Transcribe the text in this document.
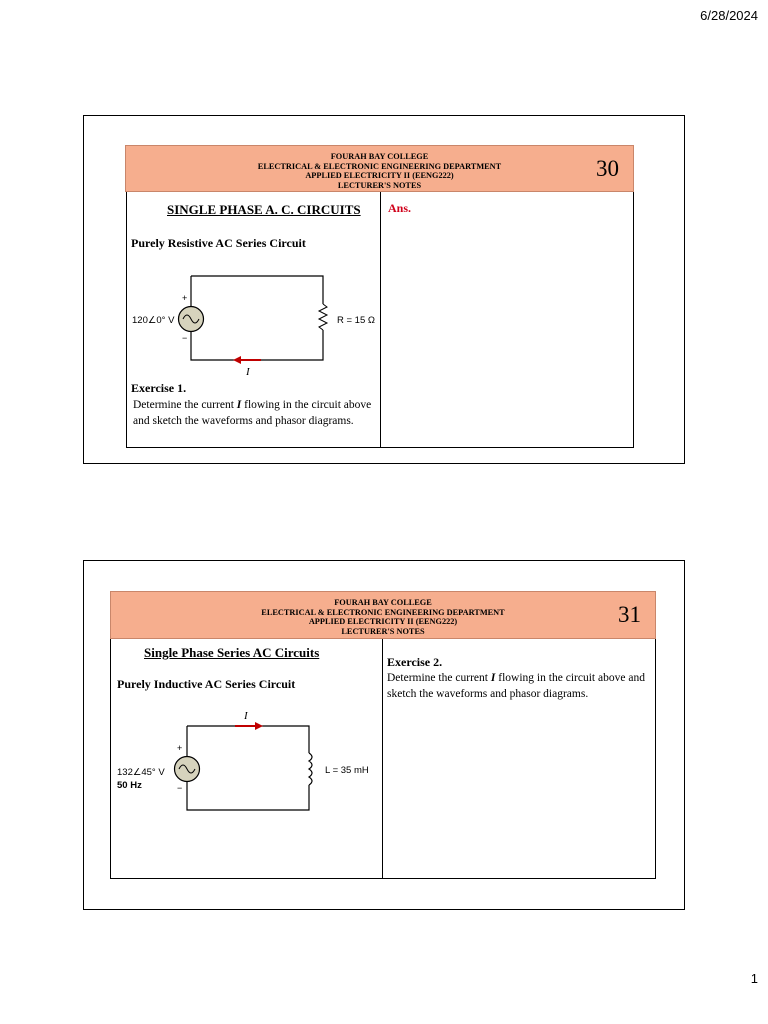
6/28/2024
FOURAH BAY COLLEGE
ELECTRICAL & ELECTRONIC ENGINEERING DEPARTMENT
APPLIED ELECTRICITY II (EENG222)
LECTURER'S NOTES
30
SINGLE PHASE A. C. CIRCUITS
Purely Resistive AC Series Circuit
+
−
120∠0° V	R = 15 Ω
I
Exercise 1.
Determine the current I flowing in the circuit above and sketch the waveforms and phasor diagrams.
Ans.
FOURAH BAY COLLEGE
ELECTRICAL & ELECTRONIC ENGINEERING DEPARTMENT
APPLIED ELECTRICITY II (EENG222)
LECTURER'S NOTES
31
Single Phase Series AC Circuits
Purely Inductive AC Series Circuit
+
−
132∠45° V
50 Hz
L = 35 mH
I
Exercise 2.
Determine the current I flowing in the circuit above and sketch the waveforms and phasor diagrams.
1
